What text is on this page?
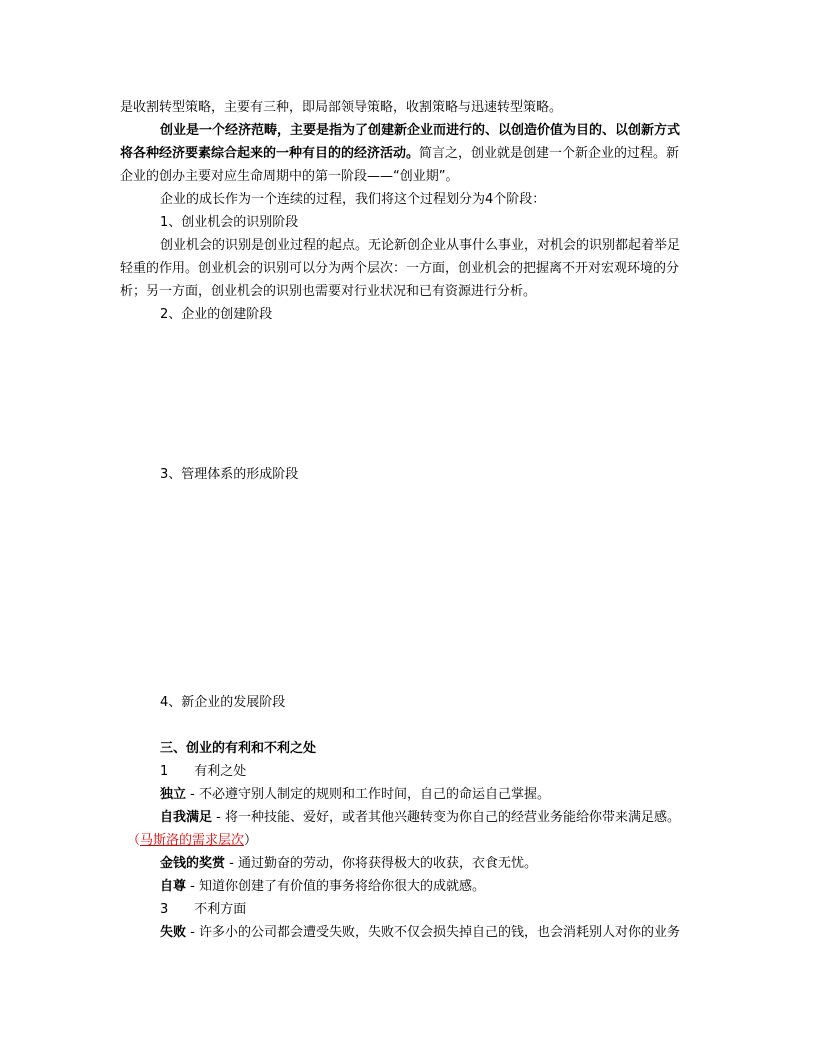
是收割转型策略，主要有三种，即局部领导策略，收割策略与迅速转型策略。
创业是一个经济范畴，主要是指为了创建新企业而进行的、以创造价值为目的、以创新方式
将各种经济要素综合起来的一种有目的的经济活动。简言之，创业就是创建一个新企业的过程。新
企业的创办主要对应生命周期中的第一阶段——“创业期”。
企业的成长作为一个连续的过程，我们将这个过程划分为4个阶段：
1、创业机会的识别阶段
创业机会的识别是创业过程的起点。无论新创企业从事什么事业，对机会的识别都起着举足
轻重的作用。创业机会的识别可以分为两个层次：一方面，创业机会的把握离不开对宏观环境的分
析；另一方面，创业机会的识别也需要对行业状况和已有资源进行分析。
2、企业的创建阶段
3、管理体系的形成阶段
4、新企业的发展阶段
三、创业的有利和不利之处
1　　有利之处
独立 - 不必遵守别人制定的规则和工作时间，自己的命运自己掌握。
自我满足 - 将一种技能、爱好，或者其他兴趣转变为你自己的经营业务能给你带来满足感。
（马斯洛的需求层次）
金钱的奖赏 - 通过勤奋的劳动，你将获得极大的收获，衣食无忧。
自尊 - 知道你创建了有价值的事务将给你很大的成就感。
3　　不利方面
失败 - 许多小的公司都会遭受失败，失败不仅会损失掉自己的钱，也会消耗别人对你的业务
